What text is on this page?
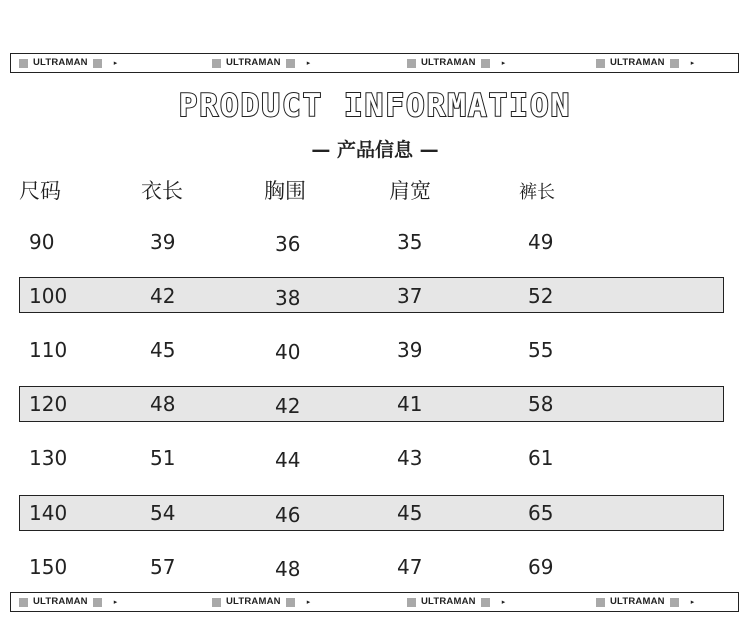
ULTRAMAN	▸	ULTRAMAN	▸	ULTRAMAN	▸	ULTRAMAN	▸
PRODUCT INFORMATION
— 产品信息 —
尺码	衣长	胸围	肩宽	裤长
90	39	36	35	49
100	42	38	37	52
110	45	40	39	55
120	48	42	41	58
130	51	44	43	61
140	54	46	45	65
150	57	48	47	69
ULTRAMAN	▸	ULTRAMAN	▸	ULTRAMAN	▸	ULTRAMAN	▸
